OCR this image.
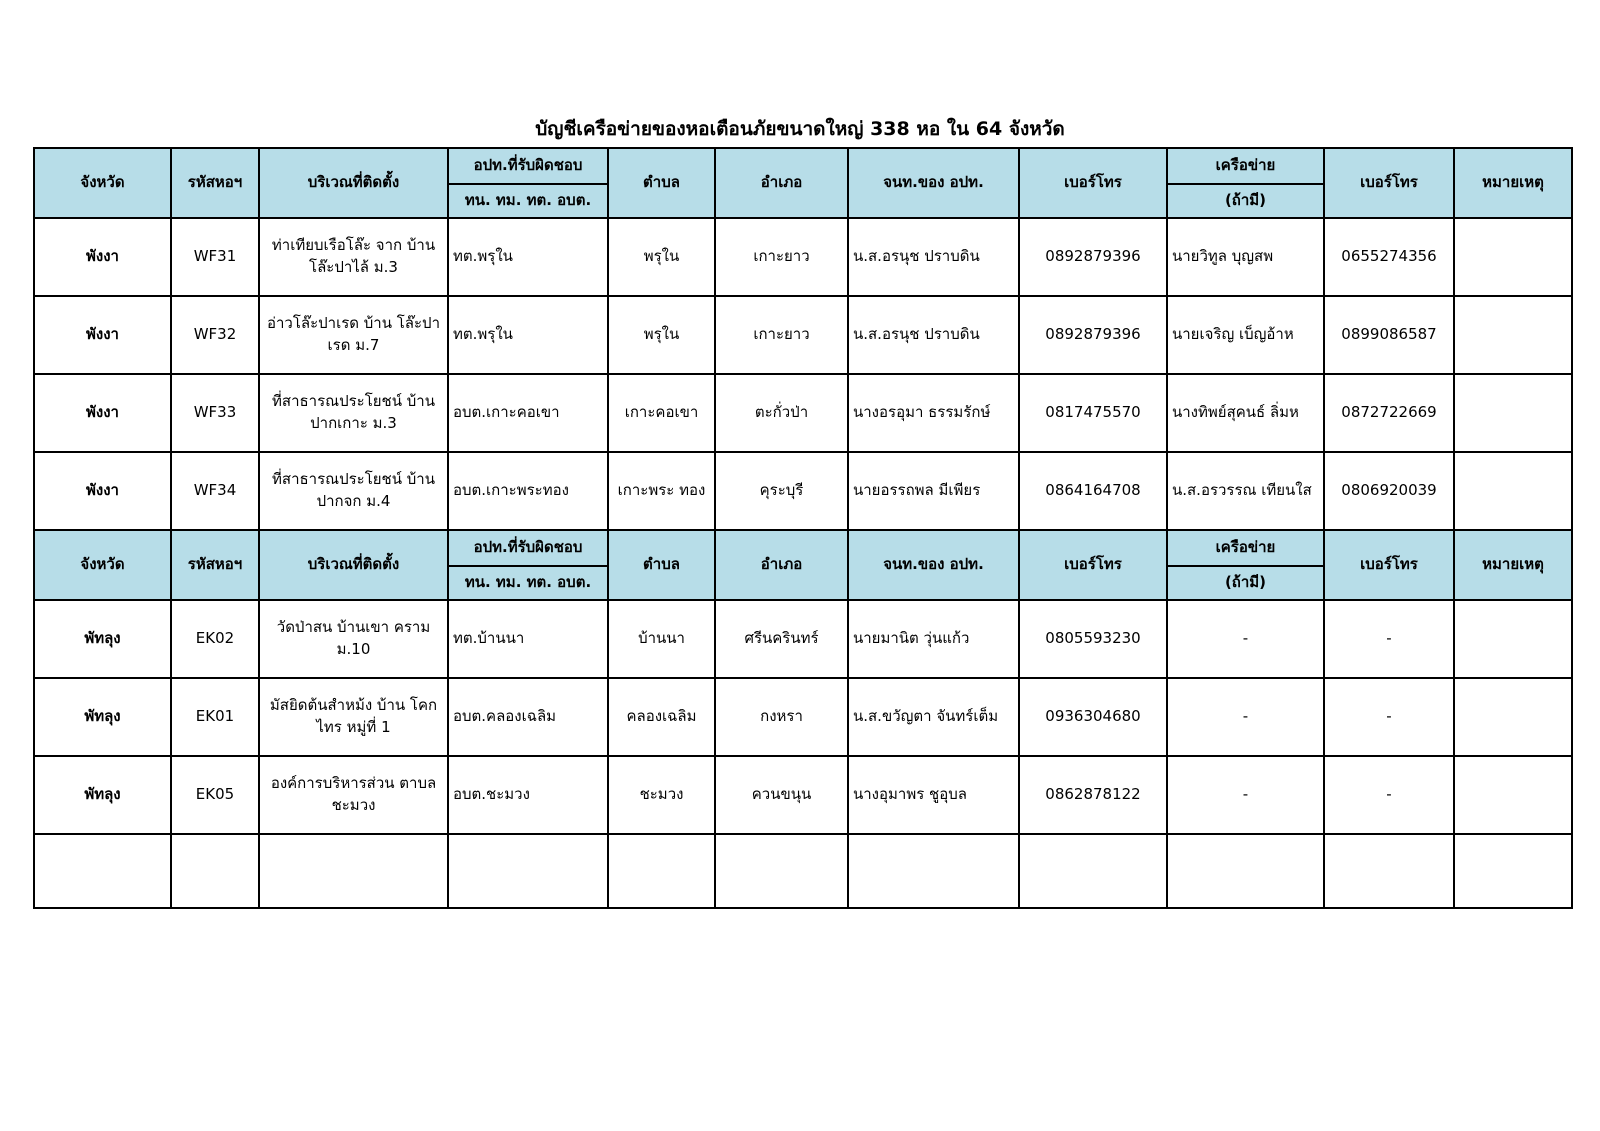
บัญชีเครือข่ายของหอเตือนภัยขนาดใหญ่ 338 หอ ใน 64 จังหวัด
จังหวัด	รหัสหอฯ	บริเวณที่ติดตั้ง	อปท.ที่รับผิดชอบ	ตำบล	อำเภอ	จนท.ของ อปท.	เบอร์โทร	เครือข่าย	เบอร์โทร	หมายเหตุ
			ทน. ทม. ทต. อบต.					(ถ้ามี)		
พังงา	WF31	ท่าเทียบเรือโล๊ะ จาก บ้านโล๊ะปาไล้ ม.3	ทต.พรุใน	พรุใน	เกาะยาว	น.ส.อรนุช ปราบดิน	0892879396	นายวิทูล บุญสพ	0655274356	
พังงา	WF32	อ่าวโล๊ะปาเรด บ้าน โล๊ะปาเรด ม.7	ทต.พรุใน	พรุใน	เกาะยาว	น.ส.อรนุช ปราบดิน	0892879396	นายเจริญ เบ็ญอ้าห	0899086587	
พังงา	WF33	ที่สาธารณประโยชน์ บ้านปากเกาะ ม.3	อบต.เกาะคอเขา	เกาะคอเขา	ตะกั่วป่า	นางอรอุมา ธรรมรักษ์	0817475570	นางทิพย์สุคนธ์ ลิ่มห	0872722669	
พังงา	WF34	ที่สาธารณประโยชน์ บ้านปากจก ม.4	อบต.เกาะพระทอง	เกาะพระ ทอง	คุระบุรี	นายอรรถพล มีเพียร	0864164708	น.ส.อรวรรณ เทียนใส	0806920039	
จังหวัด	รหัสหอฯ	บริเวณที่ติดตั้ง	อปท.ที่รับผิดชอบ	ตำบล	อำเภอ	จนท.ของ อปท.	เบอร์โทร	เครือข่าย	เบอร์โทร	หมายเหตุ
			ทน. ทม. ทต. อบต.					(ถ้ามี)		
พัทลุง	EK02	วัดป่าสน บ้านเขา คราม ม.10	ทต.บ้านนา	บ้านนา	ศรีนครินทร์	นายมานิต วุ่นแก้ว	0805593230	-	-	
พัทลุง	EK01	มัสยิดต้นสำหม้ง บ้าน โคกไทร หมู่ที่ 1	อบต.คลองเฉลิม	คลองเฉลิม	กงหรา	น.ส.ขวัญตา จันทร์เต็ม	0936304680	-	-	
พัทลุง	EK05	องค์การบริหารส่วน ตาบลชะมวง	อบต.ชะมวง	ชะมวง	ควนขนุน	นางอุมาพร ชูอุบล	0862878122	-	-	
